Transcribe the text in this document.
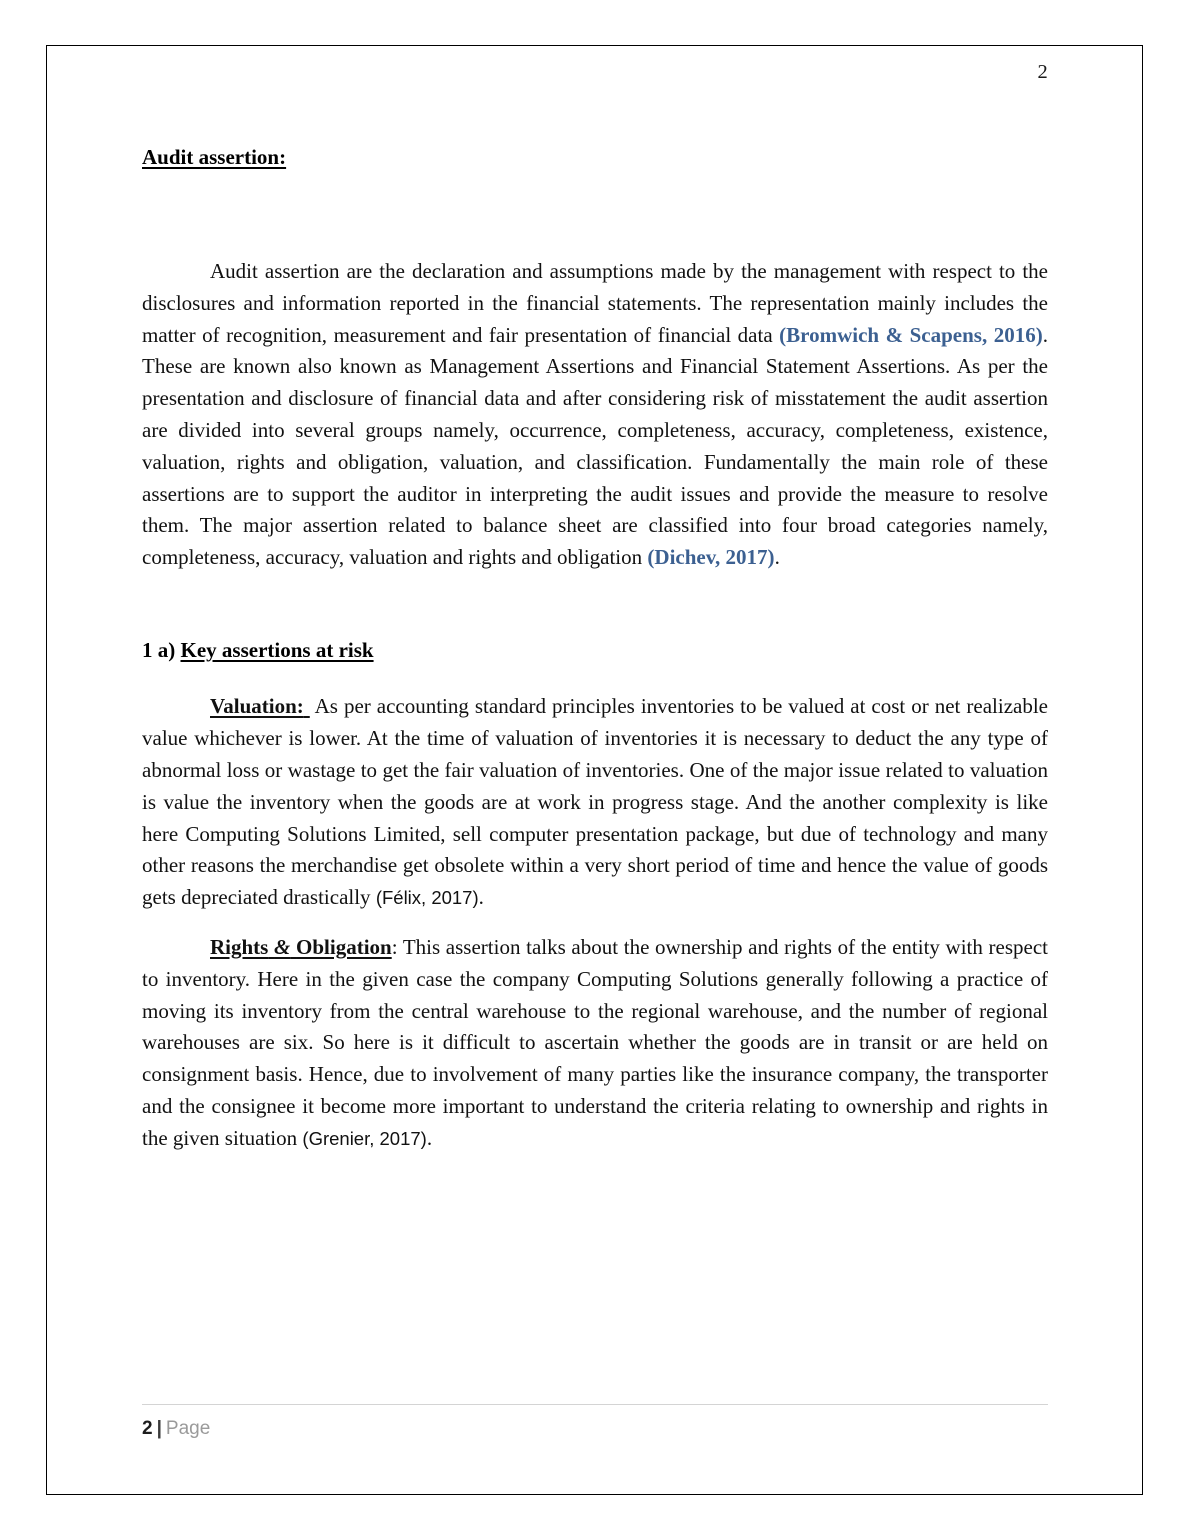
2
Audit assertion:

Audit assertion are the declaration and assumptions made by the management with respect to the disclosures and information reported in the financial statements. The representation mainly includes the matter of recognition, measurement and fair presentation of financial data (Bromwich & Scapens, 2016). These are known also known as Management Assertions and Financial Statement Assertions. As per the presentation and disclosure of financial data and after considering risk of misstatement the audit assertion are divided into several groups namely, occurrence, completeness, accuracy, completeness, existence, valuation, rights and obligation, valuation, and classification. Fundamentally the main role of these assertions are to support the auditor in interpreting the audit issues and provide the measure to resolve them. The major assertion related to balance sheet are classified into four broad categories namely, completeness, accuracy, valuation and rights and obligation (Dichev, 2017).

1 a) Key assertions at risk

Valuation:  As per accounting standard principles inventories to be valued at cost or net realizable value whichever is lower. At the time of valuation of inventories it is necessary to deduct the any type of abnormal loss or wastage to get the fair valuation of inventories. One of the major issue related to valuation is value the inventory when the goods are at work in progress stage. And the another complexity is like here Computing Solutions Limited, sell computer presentation package, but due of technology and many other reasons the merchandise get obsolete within a very short period of time and hence the value of goods gets depreciated drastically (Félix, 2017).

Rights & Obligation: This assertion talks about the ownership and rights of the entity with respect to inventory. Here in the given case the company Computing Solutions generally following a practice of moving its inventory from the central warehouse to the regional warehouse, and the number of regional warehouses are six. So here is it difficult to ascertain whether the goods are in transit or are held on consignment basis. Hence, due to involvement of many parties like the insurance company, the transporter and the consignee it become more important to understand the criteria relating to ownership and rights in the given situation (Grenier, 2017).

2 | Page
